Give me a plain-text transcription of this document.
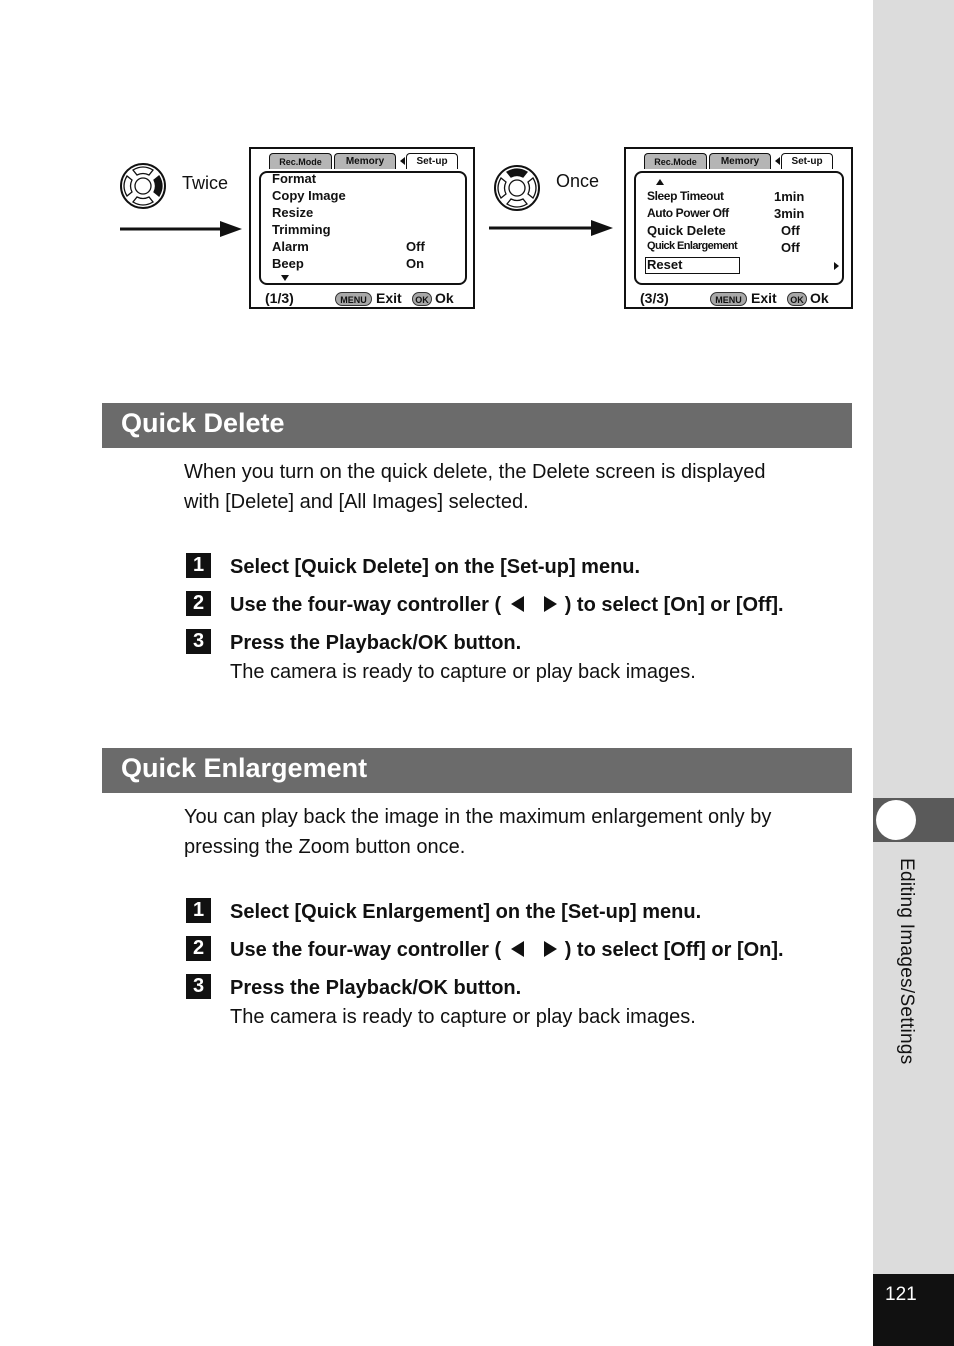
Editing Images/Settings
121
Twice
Rec.Mode	Memory	Set-up
Format
Copy Image
Resize
Trimming
Alarm	Off
Beep	On
(1/3)	MENU Exit	OK Ok
Once
Rec.Mode	Memory	Set-up
Sleep Timeout	1min
Auto Power Off	3min
Quick Delete	Off
Quick Enlargement	Off
Reset
(3/3)	MENU Exit	OK Ok
Quick Delete
When you turn on the quick delete, the Delete screen is displayed
with [Delete] and [All Images] selected.
1	Select [Quick Delete] on the [Set-up] menu.
2	Use the four-way controller (	) to select [On] or [Off].
3	Press the Playback/OK button.
The camera is ready to capture or play back images.
Quick Enlargement
You can play back the image in the maximum enlargement only by
pressing the Zoom button once.
1	Select [Quick Enlargement] on the [Set-up] menu.
2	Use the four-way controller (	) to select [Off] or [On].
3	Press the Playback/OK button.
The camera is ready to capture or play back images.
